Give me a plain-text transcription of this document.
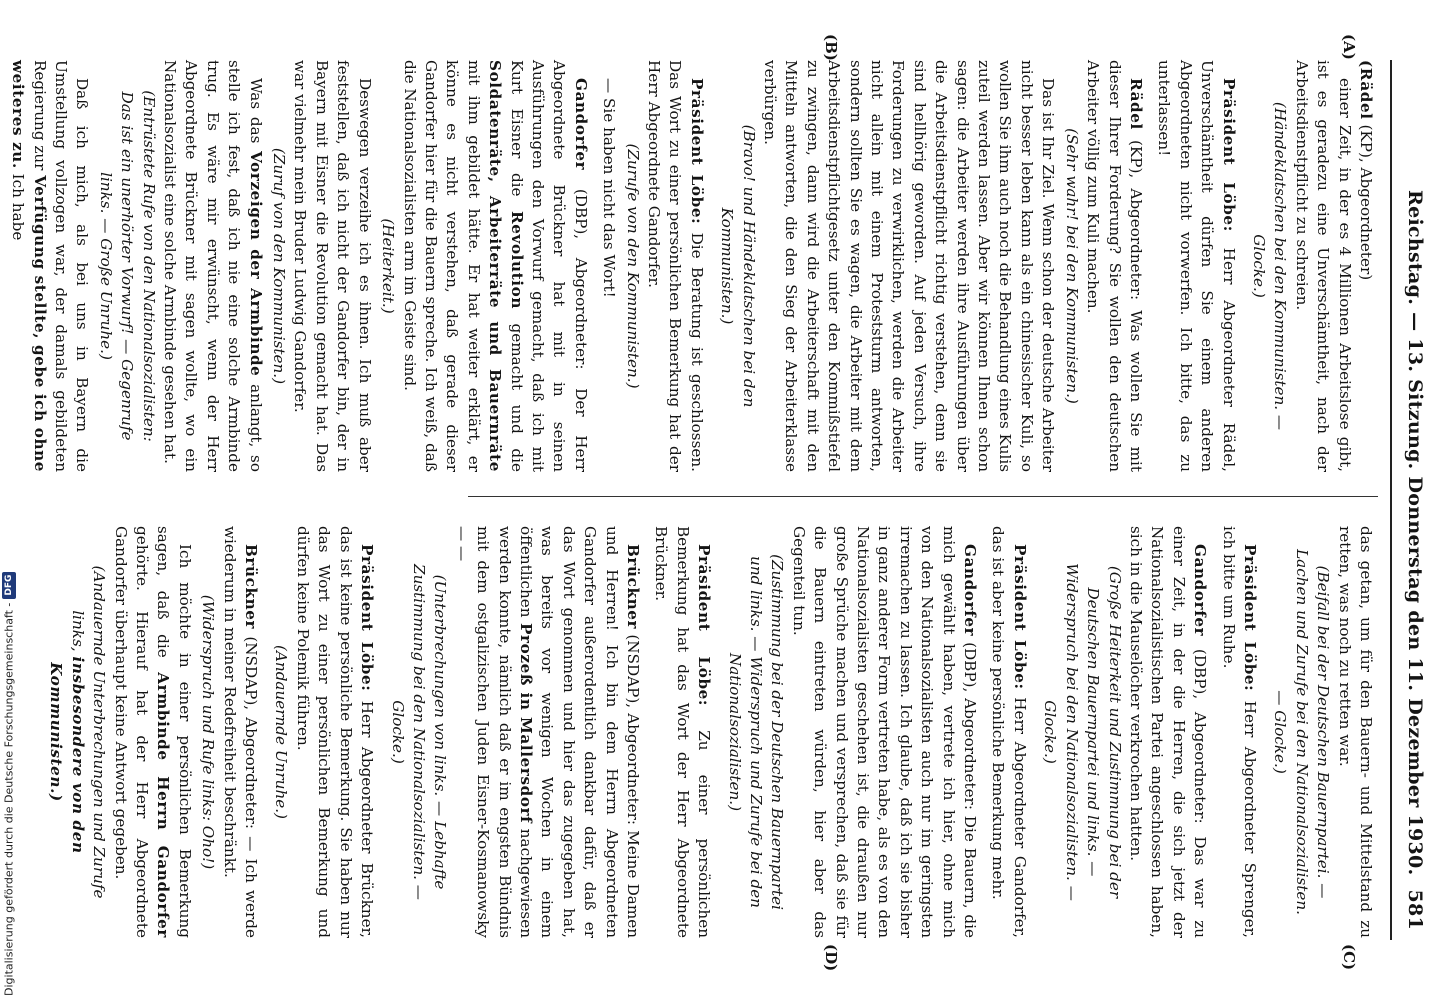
Reichstag. — 13. Sitzung. Donnerstag den 11. Dezember 1930.
581
(A)
(B)
(C)
(D)

(Rädel (KP), Abgeordneter)

einer Zeit, in der es 4 Millionen Arbeitslose gibt, ist es geradezu eine Unverschämtheit, nach der Arbeitsdienstpflicht zu schreien.

(Händeklatschen bei den Kommunisten. — Glocke.)

Präsident Löbe: Herr Abgeordneter Rädel, Unverschämtheit dürfen Sie einem anderen Abgeordneten nicht vorwerfen. Ich bitte, das zu unterlassen!

Rädel (KP), Abgeordneter: Was wollen Sie mit dieser Ihrer Forderung? Sie wollen den deutschen Arbeiter völlig zum Kuli machen.

(Sehr wahr! bei den Kommunisten.)

Das ist Ihr Ziel. Wenn schon der deutsche Arbeiter nicht besser leben kann als ein chinesischer Kuli, so wollen Sie ihm auch noch die Behandlung eines Kulis zuteil werden lassen. Aber wir können Ihnen schon sagen: die Arbeiter werden ihre Ausführungen über die Arbeitsdienstpflicht richtig verstehen, denn sie sind hellhörig geworden. Auf jeden Versuch, ihre Forderungen zu verwirklichen, werden die Arbeiter nicht allein mit einem Proteststurm antworten, sondern sollten Sie es wagen, die Arbeiter mit dem Arbeitsdienstpflichtgesetz unter den Kommißstiefel zu zwingen, dann wird die Arbeiterschaft mit den Mitteln antworten, die den Sieg der Arbeiterklasse verbürgen.

(Bravo! und Händeklatschen bei den Kommunisten.)

Präsident Löbe: Die Beratung ist geschlossen. Das Wort zu einer persönlichen Bemerkung hat der Herr Abgeordnete Gandorfer.

(Zurufe von den Kommunisten.)

— Sie haben nicht das Wort!

Gandorfer (DBP), Abgeordneter: Der Herr Abgeordnete Brückner hat mit in seinen Ausführungen den Vorwurf gemacht, daß ich mit Kurt Eisner die Revolution gemacht und die Soldatenräte, Arbeiterräte und Bauernräte mit ihm gebildet hätte. Er hat weiter erklärt, er könne es nicht verstehen, daß gerade dieser Gandorfer hier für die Bauern spreche. Ich weiß, daß die Nationalsozialisten arm im Geiste sind.

(Heiterkeit.)

Deswegen verzeihe ich es ihnen. Ich muß aber feststellen, daß ich nicht der Gandorfer bin, der in Bayern mit Eisner die Revolution gemacht hat. Das war vielmehr mein Bruder Ludwig Gandorfer.

(Zuruf von den Kommunisten.)

Was das Vorzeigen der Armbinde anlangt, so stelle ich fest, daß ich nie eine solche Armbinde trug. Es wäre mir erwünscht, wenn der Herr Abgeordnete Brückner mit sagen wollte, wo ein Nationalsozialist eine solche Armbinde gesehen hat.

(Entrüstete Rufe von den Nationalsozialisten: Das ist ein unerhörter Vorwurf! — Gegenrufe links. — Große Unruhe.)

Daß ich mich, als bei uns in Bayern die Umstellung vollzogen war, der damals gebildeten Regierung zur Verfügung stellte, gebe ich ohne weiteres zu. Ich habe

das getan, um für den Bauern- und Mittelstand zu retten, was noch zu retten war.

(Beifall bei der Deutschen Bauernpartei. — Lachen und Zurufe bei den Nationalsozialisten. — Glocke.)

Präsident Löbe: Herr Abgeordneter Sprenger, ich bitte um Ruhe.

Gandorfer (DBP), Abgeordneter: Das war zu einer Zeit, in der die Herren, die sich jetzt der Nationalsozialistischen Partei angeschlossen haben, sich in die Mauselöcher verkrochen hatten.

(Große Heiterkeit und Zustimmung bei der Deutschen Bauernpartei und links. — Widerspruch bei den Nationalsozialisten. — Glocke.)

Präsident Löbe: Herr Abgeordneter Gandorfer, das ist aber keine persönliche Bemerkung mehr.

Gandorfer (DBP), Abgeordneter: Die Bauern, die mich gewählt haben, vertrete ich hier, ohne mich von den Nationalsozialisten auch nur im geringsten irremachen zu lassen. Ich glaube, daß ich sie bisher in ganz anderer Form vertreten habe, als es von den Nationalsozialisten geschehen ist, die draußen nur große Sprüche machen und versprechen, daß sie für die Bauern eintreten würden, hier aber das Gegenteil tun.

(Zustimmung bei der Deutschen Bauernpartei und links. — Widerspruch und Zurufe bei den Nationalsozialisten.)

Präsident Löbe: Zu einer persönlichen Bemerkung hat das Wort der Herr Abgeordnete Brückner.

Brückner (NSDAP), Abgeordneter: Meine Damen und Herren! Ich bin dem Herrn Abgeordneten Gandorfer außerordentlich dankbar dafür, daß er das Wort genommen und hier das zugegeben hat, was bereits vor wenigen Wochen in einem öffentlichen Prozeß in Mallersdorf nachgewiesen werden konnte, nämlich daß er im engsten Bündnis mit dem ostgalizischen Juden Eisner-Kosmanowsky — —

(Unterbrechungen von links. — Lebhafte Zustimmung bei den Nationalsozialisten. — Glocke.)

Präsident Löbe: Herr Abgeordneter Brückner, das ist keine persönliche Bemerkung. Sie haben nur das Wort zu einer persönlichen Bemerkung und dürfen keine Polemik führen.

(Andauernde Unruhe.)

Brückner (NSDAP), Abgeordneter: — Ich werde wiederum in meiner Redefreiheit beschränkt.

(Widerspruch und Rufe links: Oho!)

Ich möchte in einer persönlichen Bemerkung sagen, daß die Armbinde Herrn Gandorfer gehörte. Hierauf hat der Herr Abgeordnete Gandorfer überhaupt keine Antwort gegeben.

(Andauernde Unterbrechungen und Zurufe links, insbesondere von den Kommunisten.)

Digitalisierung gefördert durch die Deutsche Forschungsgemeinschaft -DFG
